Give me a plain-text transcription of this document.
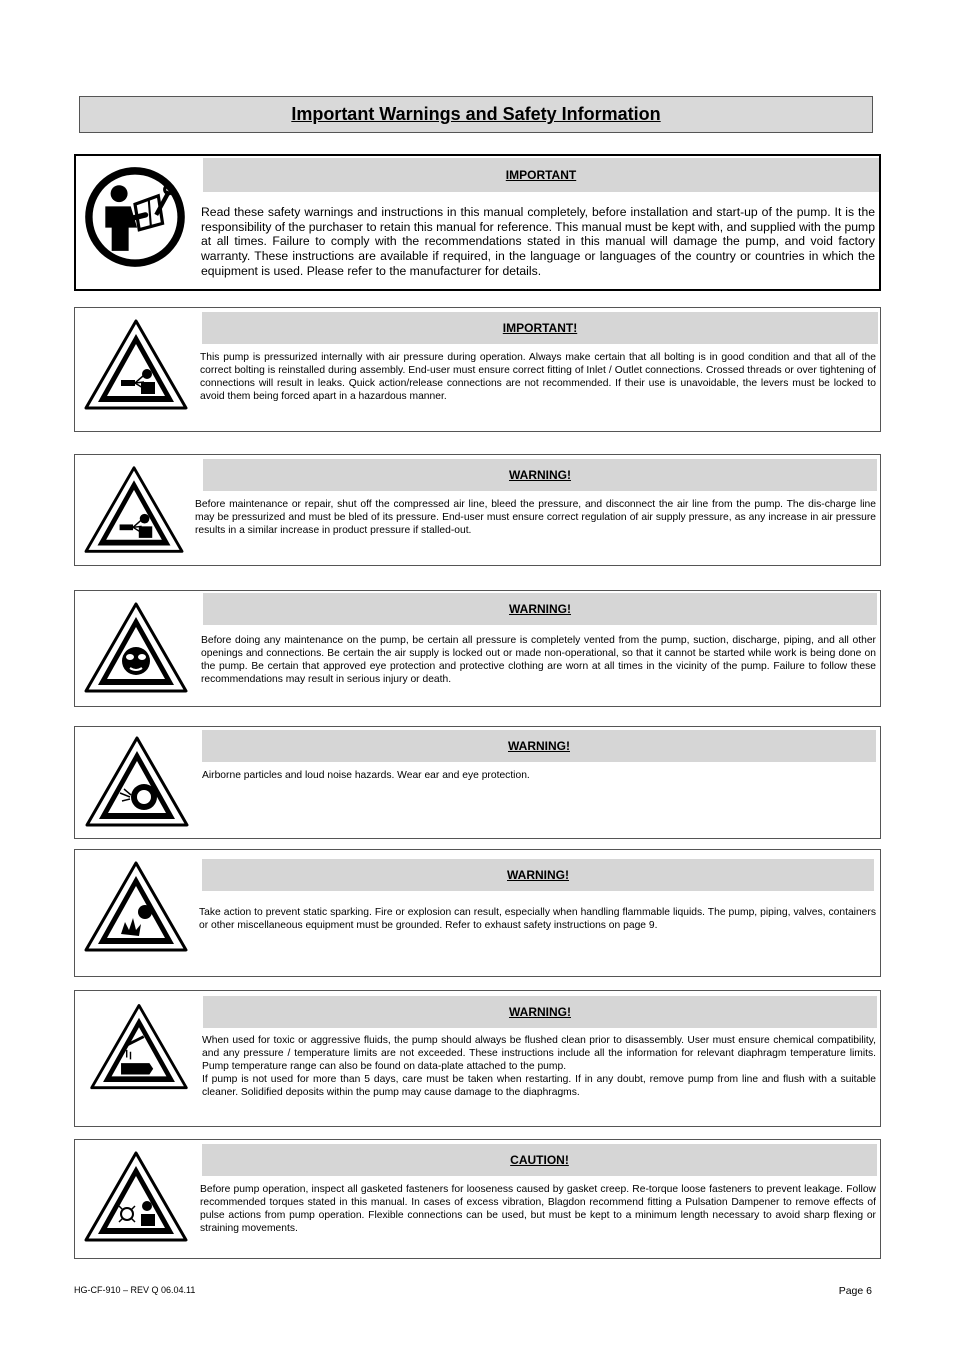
Important Warnings and Safety Information
IMPORTANT
Read these safety warnings and instructions in this manual completely, before installation and start-up of the pump. It is the responsibility of the purchaser to retain this manual for reference. This manual must be kept with, and supplied with the pump at all times. Failure to comply with the recommendations stated in this manual will damage the pump, and void factory warranty. These instructions are available if required, in the language or languages of the country or countries in which the equipment is used. Please refer to the manufacturer for details.
IMPORTANT!
This pump is pressurized internally with air pressure during operation. Always make certain that all bolting is in good condition and that all of the correct bolting is reinstalled during assembly. End-user must ensure correct fitting of Inlet / Outlet connections. Crossed threads or over tightening of connections will result in leaks. Quick action/release connections are not recommended. If their use is unavoidable, the levers must be locked to avoid them being forced apart in a hazardous manner.
WARNING!
Before maintenance or repair, shut off the compressed air line, bleed the pressure, and disconnect the air line from the pump. The dis-charge line may be pressurized and must be bled of its pressure. End-user must ensure correct regulation of air supply pressure, as any increase in air pressure results in a similar increase in product pressure if stalled-out.
WARNING!
Before doing any maintenance on the pump, be certain all pressure is completely vented from the pump, suction, discharge, piping, and all other openings and connections. Be certain the air supply is locked out or made non-operational, so that it cannot be started while work is being done on the pump. Be certain that approved eye protection and protective clothing are worn at all times in the vicinity of the pump. Failure to follow these recommendations may result in serious injury or death.
WARNING!
Airborne particles and loud noise hazards. Wear ear and eye protection.
WARNING!
Take action to prevent static sparking. Fire or explosion can result, especially when handling flammable liquids. The pump, piping, valves, containers or other miscellaneous equipment must be grounded. Refer to exhaust safety instructions on page 9.
WARNING!
When used for toxic or aggressive fluids, the pump should always be flushed clean prior to disassembly. User must ensure chemical compatibility, and any pressure / temperature limits are not exceeded. These instructions include all the information for relevant diaphragm temperature limits. Pump temperature range can also be found on data-plate attached to the pump.
If pump is not used for more than 5 days, care must be taken when restarting. If in any doubt, remove pump from line and flush with a suitable cleaner. Solidified deposits within the pump may cause damage to the diaphragms.
CAUTION!
Before pump operation, inspect all gasketed fasteners for looseness caused by gasket creep. Re-torque loose fasteners to prevent leakage. Follow recommended torques stated in this manual. In cases of excess vibration, Blagdon recommend fitting a Pulsation Dampener to remove effects of pulse actions from pump operation. Flexible connections can be used, but must be kept to a minimum length necessary to avoid sharp flexing or straining movements.
HG-CF-910 – REV Q 06.04.11	Page 6
